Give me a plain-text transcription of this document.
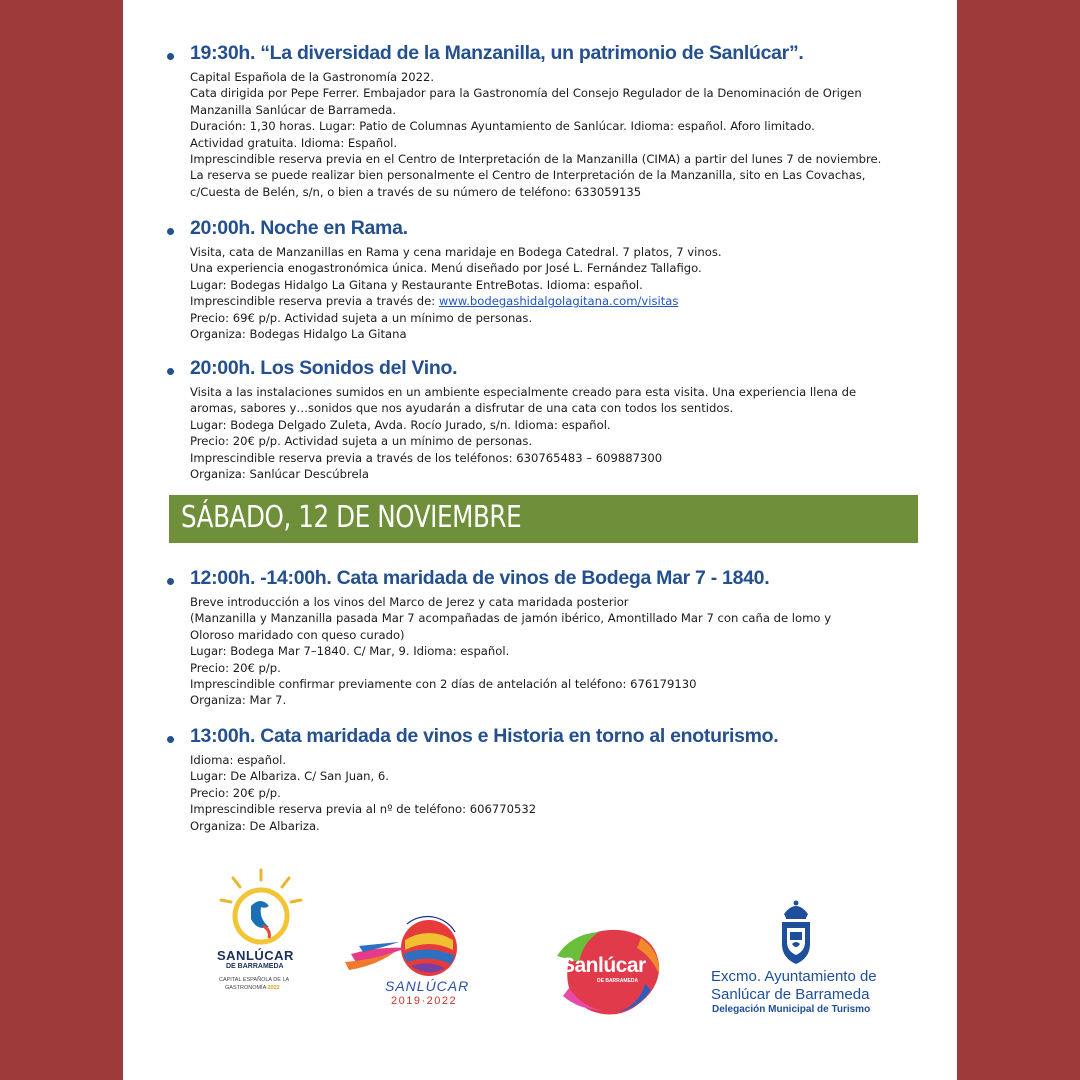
19:30h. “La diversidad de la Manzanilla, un patrimonio de Sanlúcar”.
Capital Española de la Gastronomía 2022.
Cata dirigida por Pepe Ferrer. Embajador para la Gastronomía del Consejo Regulador de la Denominación de Origen
Manzanilla Sanlúcar de Barrameda.
Duración: 1,30 horas. Lugar: Patio de Columnas Ayuntamiento de Sanlúcar. Idioma: español. Aforo limitado.
Actividad gratuita. Idioma: Español.
Imprescindible reserva previa en el Centro de Interpretación de la Manzanilla (CIMA) a partir del lunes 7 de noviembre.
La reserva se puede realizar bien personalmente el Centro de Interpretación de la Manzanilla, sito en Las Covachas,
c/Cuesta de Belén, s/n, o bien a través de su número de teléfono: 633059135
20:00h. Noche en Rama.
Visita, cata de Manzanillas en Rama y cena maridaje en Bodega Catedral. 7 platos, 7 vinos.
Una experiencia enogastronómica única. Menú diseñado por José L. Fernández Tallafigo.
Lugar: Bodegas Hidalgo La Gitana y Restaurante EntreBotas. Idioma: español.
Imprescindible reserva previa a través de: www.bodegashidalgolagitana.com/visitas
Precio: 69€ p/p. Actividad sujeta a un mínimo de personas.
Organiza: Bodegas Hidalgo La Gitana
20:00h. Los Sonidos del Vino.
Visita a las instalaciones sumidos en un ambiente especialmente creado para esta visita. Una experiencia llena de
aromas, sabores y…sonidos que nos ayudarán a disfrutar de una cata con todos los sentidos.
Lugar: Bodega Delgado Zuleta, Avda. Rocío Jurado, s/n. Idioma: español.
Precio: 20€ p/p. Actividad sujeta a un mínimo de personas.
Imprescindible reserva previa a través de los teléfonos: 630765483 – 609887300
Organiza: Sanlúcar Descúbrela
SÁBADO, 12 DE NOVIEMBRE
12:00h. -14:00h. Cata maridada de vinos de Bodega Mar 7 - 1840.
Breve introducción a los vinos del Marco de Jerez y cata maridada posterior
(Manzanilla y Manzanilla pasada Mar 7 acompañadas de jamón ibérico, Amontillado Mar 7 con caña de lomo y
Oloroso maridado con queso curado)
Lugar: Bodega Mar 7–1840. C/ Mar, 9. Idioma: español.
Precio: 20€ p/p.
Imprescindible confirmar previamente con 2 días de antelación al teléfono: 676179130
Organiza: Mar 7.
13:00h. Cata maridada de vinos e Historia en torno al enoturismo.
Idioma: español.
Lugar: De Albariza. C/ San Juan, 6.
Precio: 20€ p/p.
Imprescindible reserva previa al nº de teléfono: 606770532
Organiza: De Albariza.
SANLÚCAR
DE BARRAMEDA
CAPITAL ESPAÑOLA DE LA
GASTRONOMÍA 2022	SANLÚCAR
2019·2022
Sanlúcar
DE BARRAMEDA	Excmo. Ayuntamiento de
Sanlúcar de Barrameda
Delegación Municipal de Turismo
